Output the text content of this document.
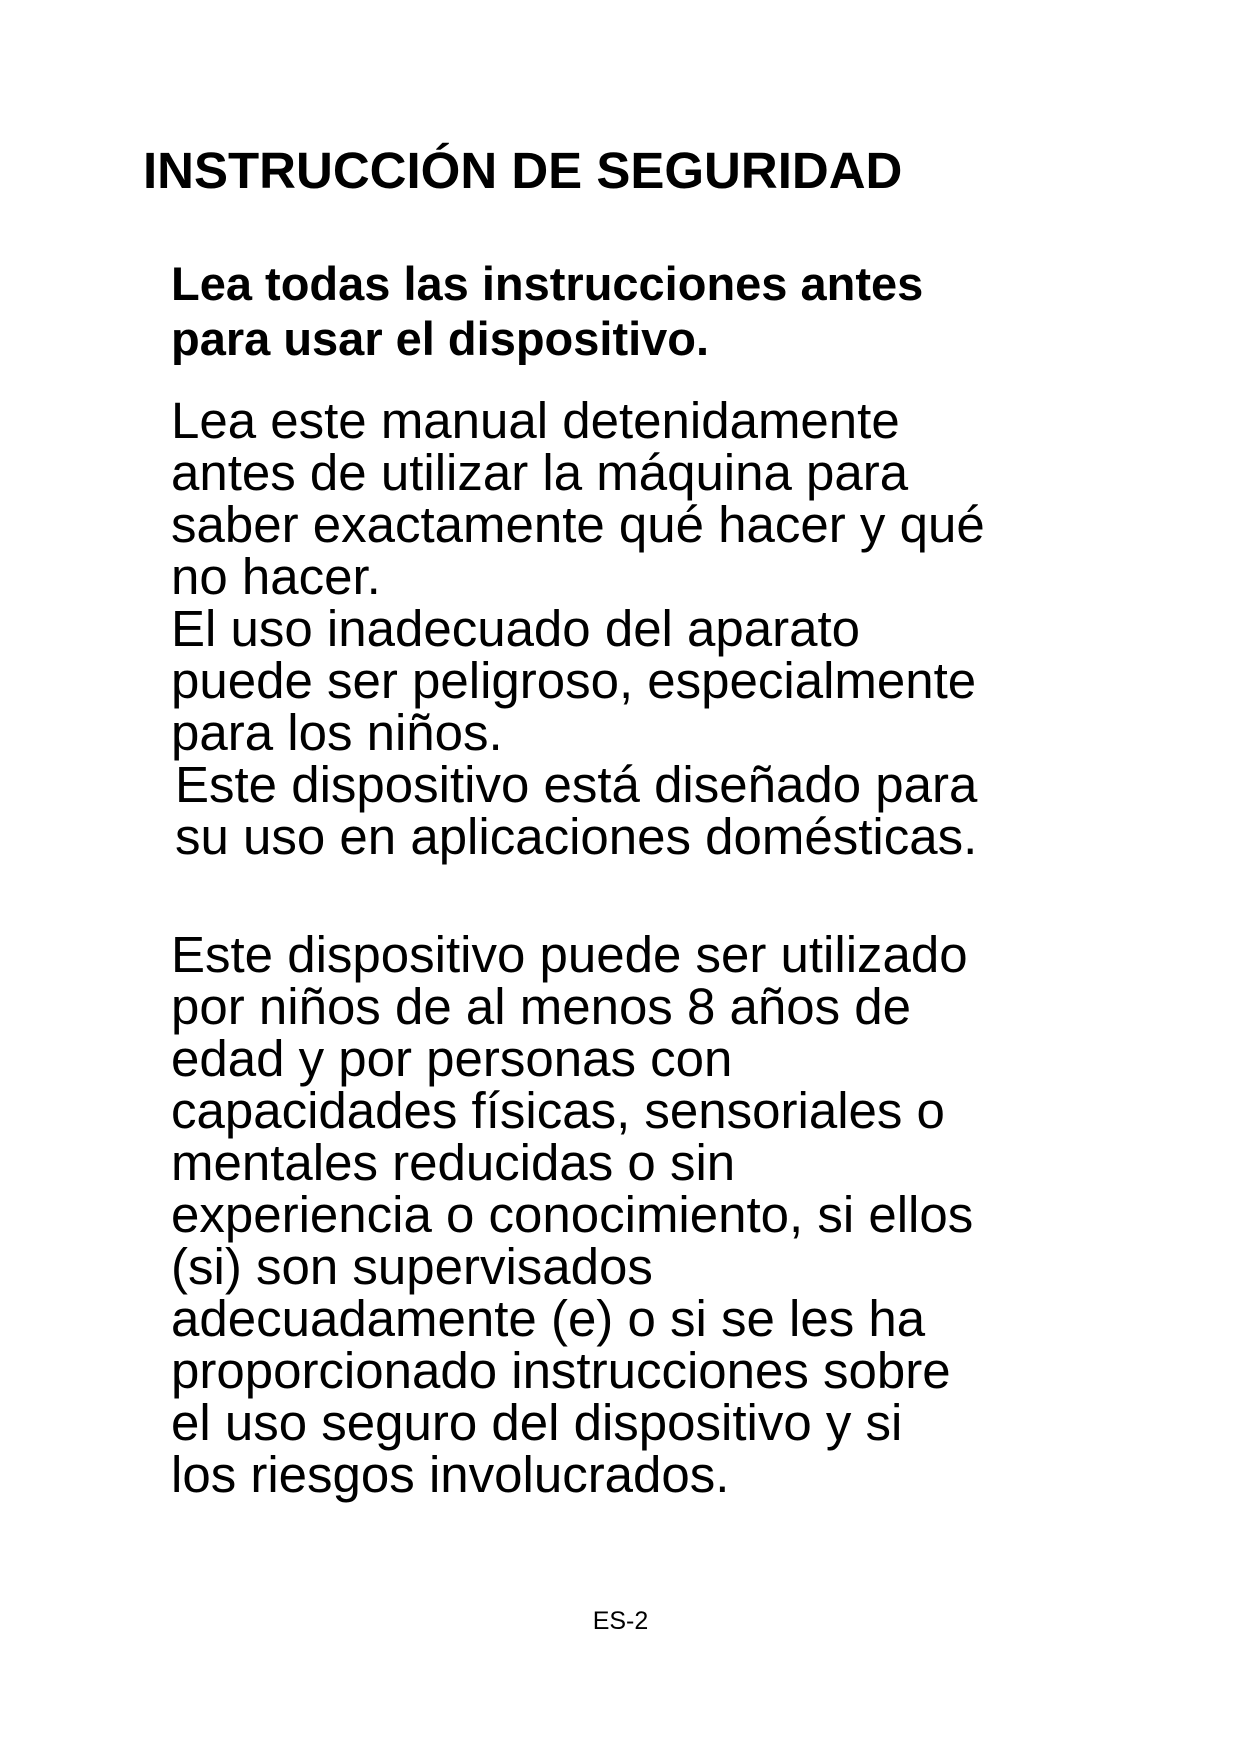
INSTRUCCIÓN DE SEGURIDAD
Lea todas las instrucciones antes
para usar el dispositivo.

Lea este manual detenidamente
antes de utilizar la máquina para
saber exactamente qué hacer y qué
no hacer.
El uso inadecuado del aparato
puede ser peligroso, especialmente
para los niños.
Este dispositivo está diseñado para
su uso en aplicaciones domésticas.

Este dispositivo puede ser utilizado
por niños de al menos 8 años de
edad y por personas con
capacidades físicas, sensoriales o
mentales reducidas o sin
experiencia o conocimiento, si ellos
(si) son supervisados
adecuadamente (e) o si se les ha
proporcionado instrucciones sobre
el uso seguro del dispositivo y si
los riesgos involucrados.

ES-2
